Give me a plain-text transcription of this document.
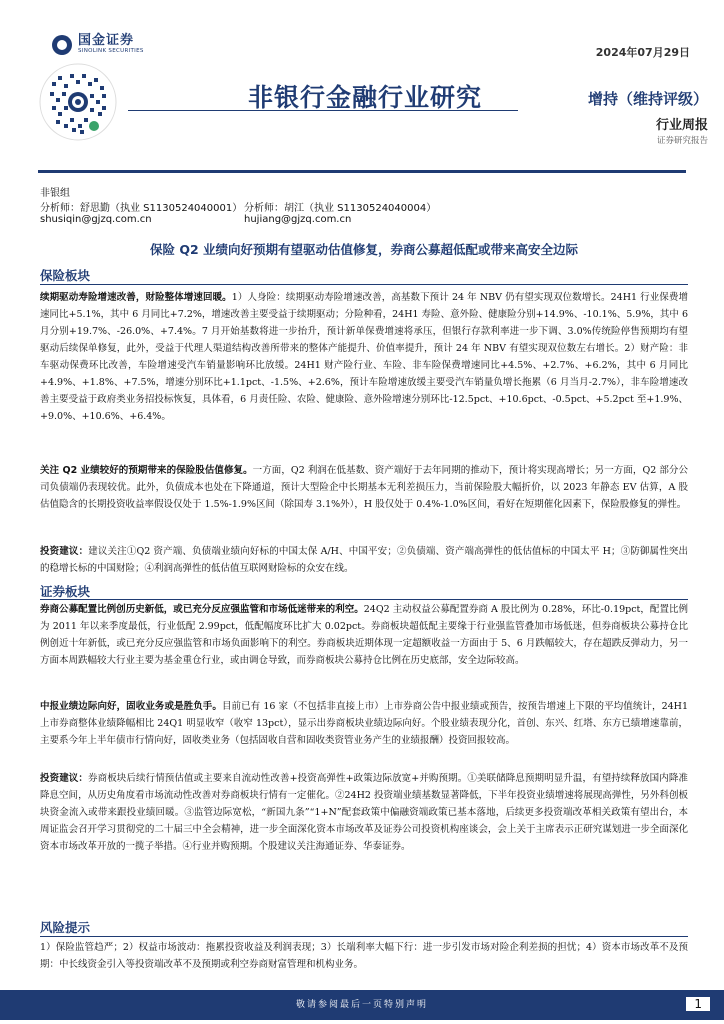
国金证券
SINOLINK SECURITIES	2024年07月29日
非银行金融行业研究	增持（维持评级）
行业周报
证券研究报告
非银组
分析师：舒思勤（执业 S1130524040001） 分析师：胡江（执业 S1130524040004）
shusiqin@gjzq.com.cn	hujiang@gjzq.com.cn
保险 Q2 业绩向好预期有望驱动估值修复，券商公募超低配或带来高安全边际
保险板块
续期驱动寿险增速改善，财险整体增速回暖。1）人身险：续期驱动寿险增速改善，高基数下预计 24 年 NBV 仍有望实现双位数增长。24H1 行业保费增速同比+5.1%，其中 6 月同比+7.2%，增速改善主要受益于续期驱动；分险种看，24H1 寿险、意外险、健康险分别+14.9%、-10.1%、5.9%，其中 6 月分别+19.7%、-26.0%、+7.4%。7 月开始基数将进一步抬升，预计新单保费增速将承压，但银行存款利率进一步下调、3.0%传统险停售预期均有望驱动后续保单修复，此外，受益于代理人渠道结构改善所带来的整体产能提升、价值率提升，预计 24 年 NBV 有望实现双位数左右增长。2）财产险：非车驱动保费环比改善，车险增速受汽车销量影响环比放缓。24H1 财产险行业、车险、非车险保费增速同比+4.5%、+2.7%、+6.2%，其中 6 月同比+4.9%、+1.8%、+7.5%，增速分别环比+1.1pct、-1.5%、+2.6%，预计车险增速放缓主要受汽车销量负增长拖累（6 月当月-2.7%），非车险增速改善主要受益于政府类业务招投标恢复，具体看，6 月责任险、农险、健康险、意外险增速分别环比-12.5pct、+10.6pct、-0.5pct、+5.2pct 至+1.9%、+9.0%、+10.6%、+6.4%。
关注 Q2 业绩较好的预期带来的保险股估值修复。一方面，Q2 利润在低基数、资产端好于去年同期的推动下，预计将实现高增长；另一方面，Q2 部分公司负债端仍表现较优。此外，负债成本也处在下降通道，预计大型险企中长期基本无利差损压力，当前保险股大幅折价，以 2023 年静态 EV 估算，A 股估值隐含的长期投资收益率假设仅处于 1.5%-1.9%区间（除国寿 3.1%外），H 股仅处于 0.4%-1.0%区间，看好在短期催化因素下，保险股修复的弹性。
投资建议：建议关注①Q2 资产端、负债端业绩向好标的中国太保 A/H、中国平安；②负债端、资产端高弹性的低估值标的中国太平 H；③防御属性突出的稳增长标的中国财险；④利润高弹性的低估值互联网财险标的众安在线。
证券板块
券商公募配置比例创历史新低，或已充分反应强监管和市场低迷带来的利空。24Q2 主动权益公募配置券商 A 股比例为 0.28%，环比-0.19pct，配置比例为 2011 年以来季度最低，行业低配 2.99pct，低配幅度环比扩大 0.02pct。券商板块超低配主要缘于行业强监管叠加市场低迷，但券商板块公募持仓比例创近十年新低，或已充分反应强监管和市场负面影响下的利空。券商板块近期体现一定超额收益一方面由于 5、6 月跌幅较大，存在超跌反弹动力，另一方面本周跌幅较大行业主要为基金重仓行业，或由调仓导致，而券商板块公募持仓比例在历史底部，安全边际较高。
中报业绩边际向好，固收业务或是胜负手。目前已有 16 家（不包括非直接上市）上市券商公告中报业绩或预告，按预告增速上下限的平均值统计，24H1 上市券商整体业绩降幅相比 24Q1 明显收窄（收窄 13pct），显示出券商板块业绩边际向好。个股业绩表现分化，首创、东兴、红塔、东方已绩增速靠前，主要系今年上半年债市行情向好，固收类业务（包括固收自营和固收类资管业务产生的业绩报酬）投资回报较高。
投资建议：券商板块后续行情预估值或主要来自流动性改善+投资高弹性+政策边际放宽+并购预期。①美联储降息预期明显升温，有望持续释放国内降准降息空间，从历史角度看市场流动性改善对券商板块行情有一定催化。②24H2 投资端业绩基数显著降低，下半年投资业绩增速将展现高弹性，另外科创板块资金流入或带来跟投业绩回暖。③监管边际宽松，“新国九条”“1+N”配套政策中偏融资端政策已基本落地，后续更多投资端改革相关政策有望出台，本周证监会召开学习贯彻党的二十届三中全会精神，进一步全面深化资本市场改革及证券公司投资机构座谈会，会上关于主席表示正研究谋划进一步全面深化资本市场改革开放的一揽子举措。④行业并购预期。个股建议关注海通证券、华泰证券。
风险提示
1）保险监管趋严；2）权益市场波动：拖累投资收益及利润表现；3）长端利率大幅下行：进一步引发市场对险企利差损的担忧；4）资本市场改革不及预期：中长线资金引入等投资端改革不及预期或利空券商财富管理和机构业务。
敬请参阅最后一页特别声明	1
